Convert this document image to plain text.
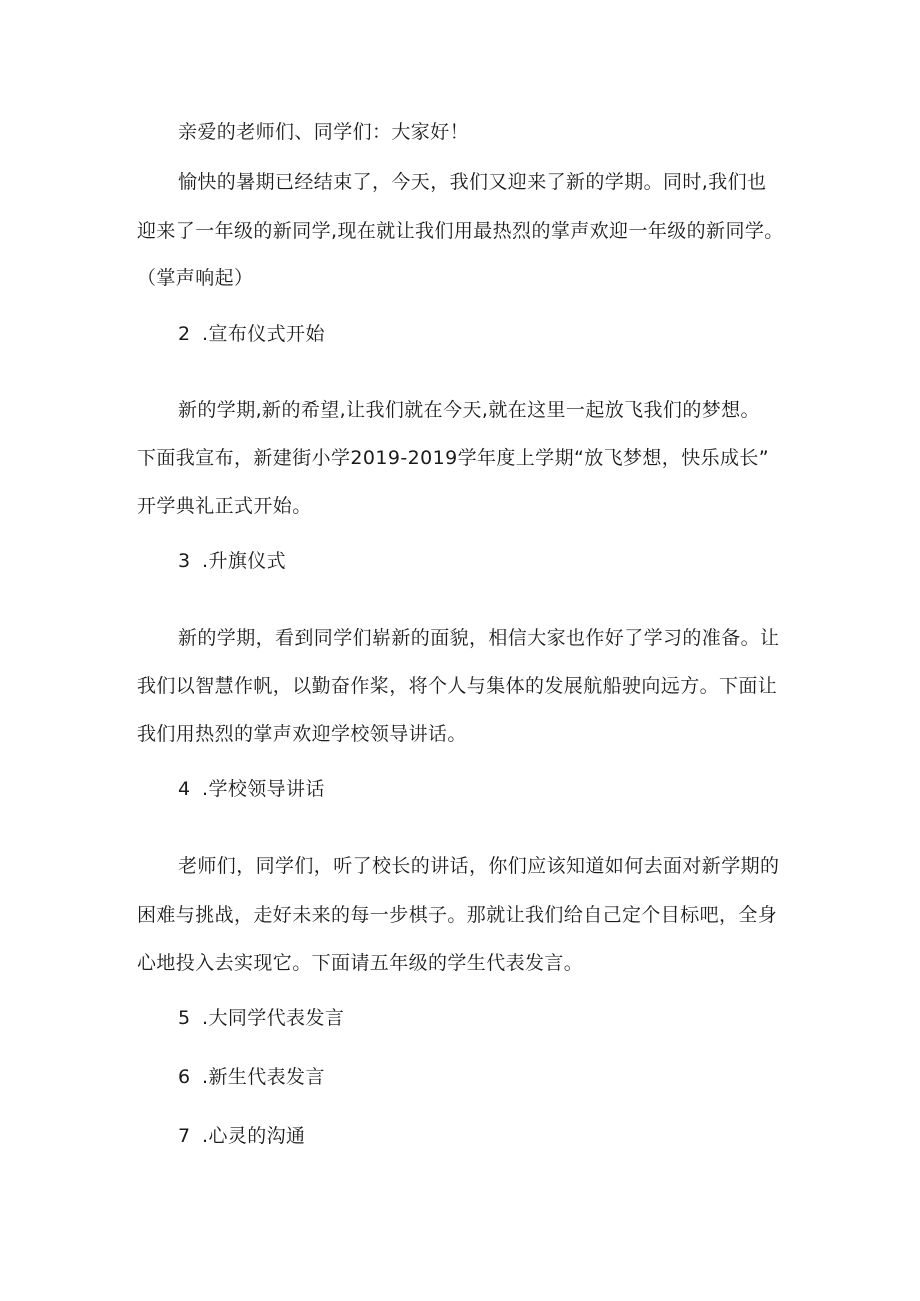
亲爱的老师们、同学们：大家好！
愉快的暑期已经结束了，今天，我们又迎来了新的学期。同时,我们也
迎来了一年级的新同学,现在就让我们用最热烈的掌声欢迎一年级的新同学。
（掌声响起）
2 .宣布仪式开始
新的学期,新的希望,让我们就在今天,就在这里一起放飞我们的梦想。
下面我宣布，新建街小学2019-2019学年度上学期“放飞梦想，快乐成长”
开学典礼正式开始。
3 .升旗仪式
新的学期，看到同学们崭新的面貌，相信大家也作好了学习的准备。让
我们以智慧作帆，以勤奋作桨，将个人与集体的发展航船驶向远方。下面让
我们用热烈的掌声欢迎学校领导讲话。
4 .学校领导讲话
老师们，同学们，听了校长的讲话，你们应该知道如何去面对新学期的
困难与挑战，走好未来的每一步棋子。那就让我们给自己定个目标吧，全身
心地投入去实现它。下面请五年级的学生代表发言。
5 .大同学代表发言
6 .新生代表发言
7 .心灵的沟通
